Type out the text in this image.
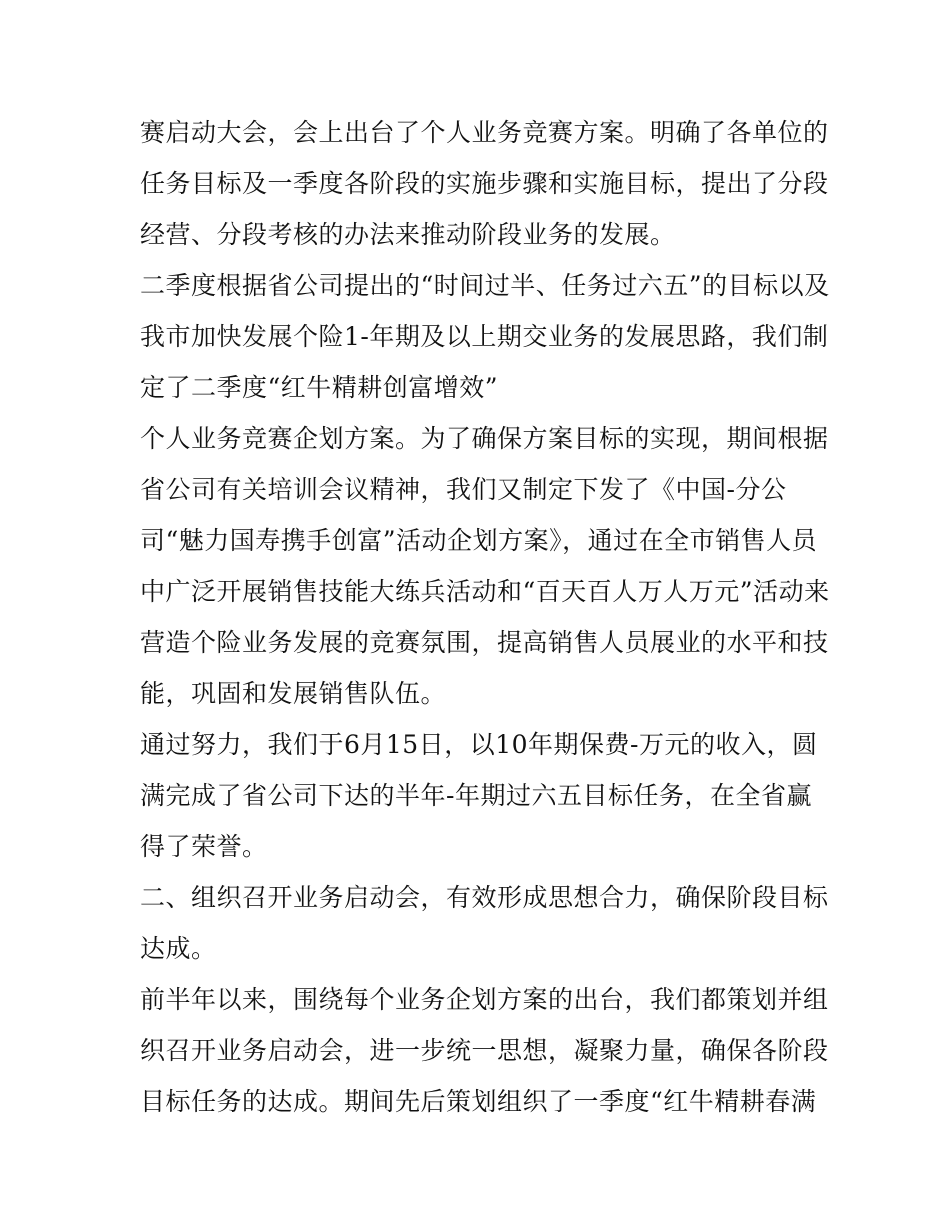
赛启动大会，会上出台了个人业务竞赛方案。明确了各单位的
任务目标及一季度各阶段的实施步骤和实施目标，提出了分段
经营、分段考核的办法来推动阶段业务的发展。
二季度根据省公司提出的“时间过半、任务过六五”的目标以及
我市加快发展个险1-年期及以上期交业务的发展思路，我们制
定了二季度“红牛精耕创富增效”
个人业务竞赛企划方案。为了确保方案目标的实现，期间根据
省公司有关培训会议精神，我们又制定下发了《中国-分公
司“魅力国寿携手创富”活动企划方案》，通过在全市销售人员
中广泛开展销售技能大练兵活动和“百天百人万人万元”活动来
营造个险业务发展的竞赛氛围，提高销售人员展业的水平和技
能，巩固和发展销售队伍。
通过努力，我们于6月15日，以10年期保费-万元的收入，圆
满完成了省公司下达的半年-年期过六五目标任务，在全省赢
得了荣誉。
二、组织召开业务启动会，有效形成思想合力，确保阶段目标
达成。
前半年以来，围绕每个业务企划方案的出台，我们都策划并组
织召开业务启动会，进一步统一思想，凝聚力量，确保各阶段
目标任务的达成。期间先后策划组织了一季度“红牛精耕春满
